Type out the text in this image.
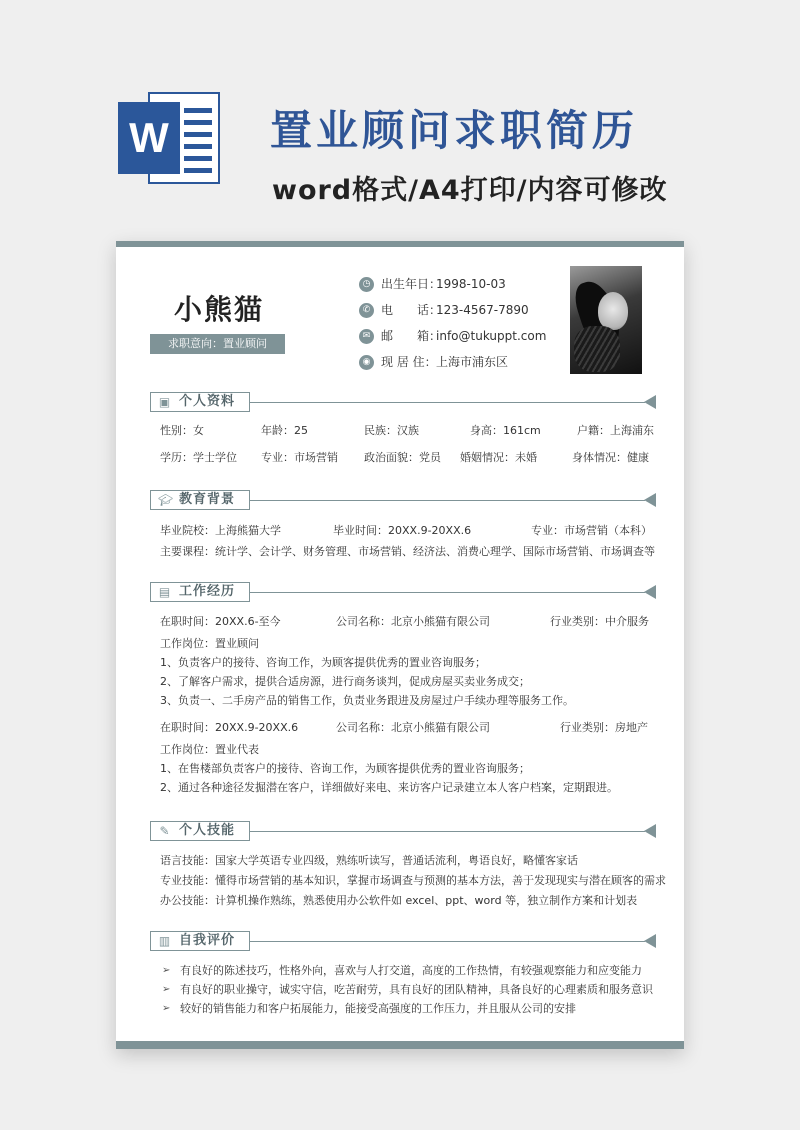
W 置业顾问求职简历
word格式/A4打印/内容可修改
小熊猫
求职意向：置业顾问
◷ 出生年日：
1998-10-03
✆ 电　　话：
123-4567-7890
✉ 邮　　箱：
info@tukuppt.com
◉ 现 居 住： 上海市浦东区
▣ 个人资料
性别：女	年龄：25	民族：汉族	身高：161cm	户籍：上海浦东
学历：学士学位 专业：市场营销 政治面貌：党员 婚姻情况：未婚	身体情况：健康
🎓︎ 教育背景
毕业院校：上海熊猫大学	毕业时间：20XX.9-20XX.6	专业：市场营销（本科）
主要课程：统计学、会计学、财务管理、市场营销、经济法、消费心理学、国际市场营销、市场调查等
▤ 工作经历
在职时间：20XX.6-至今	公司名称：北京小熊猫有限公司	行业类别：中介服务
工作岗位：置业顾问
1、负责客户的接待、咨询工作，为顾客提供优秀的置业咨询服务；
2、了解客户需求，提供合适房源，进行商务谈判，促成房屋买卖业务成交；
3、负责一、二手房产品的销售工作，负责业务跟进及房屋过户手续办理等服务工作。
在职时间：20XX.9-20XX.6	公司名称：北京小熊猫有限公司	行业类别：房地产
工作岗位：置业代表
1、在售楼部负责客户的接待、咨询工作，为顾客提供优秀的置业咨询服务；
2、通过各种途径发掘潜在客户，详细做好来电、来访客户记录建立本人客户档案，定期跟进。
✎ 个人技能
语言技能：国家大学英语专业四级，熟练听读写，普通话流利，粤语良好，略懂客家话
专业技能：懂得市场营销的基本知识，掌握市场调查与预测的基本方法，善于发现现实与潜在顾客的需求
办公技能：计算机操作熟练，熟悉使用办公软件如 excel、ppt、word 等，独立制作方案和计划表
▥ 自我评价
➢ 有良好的陈述技巧，性格外向，喜欢与人打交道，高度的工作热情，有较强观察能力和应变能力
➢ 有良好的职业操守，诚实守信，吃苦耐劳，具有良好的团队精神，具备良好的心理素质和服务意识
➢ 较好的销售能力和客户拓展能力，能接受高强度的工作压力，并且服从公司的安排
